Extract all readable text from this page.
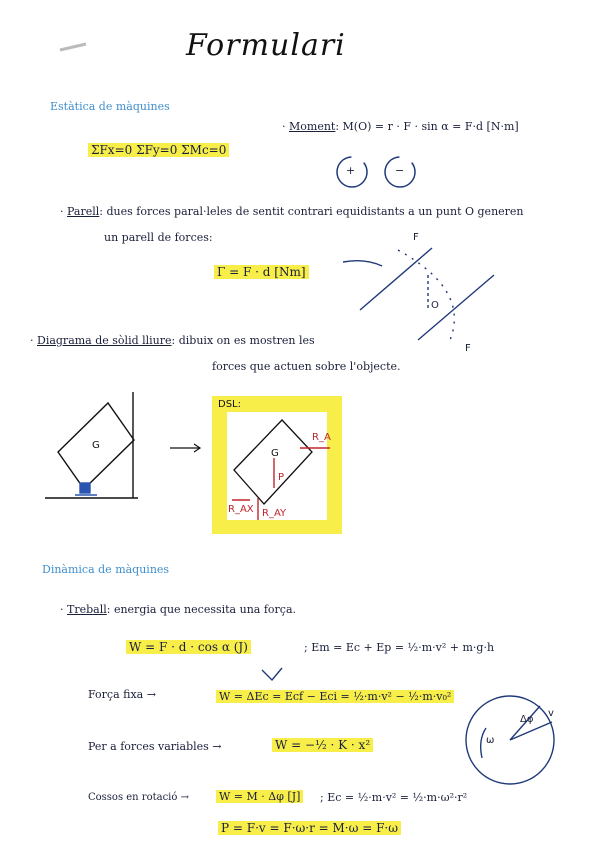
Formulari
Estàtica de màquines
· Moment: M(O) = r · F · sin α = F·d [N·m]
ΣFx=0 ΣFy=0 ΣMc=0
+	−
· Parell: dues forces paral·leles de sentit contrari equidistants a un punt O generen
un parell de forces:
Γ = F · d [Nm]
F
F
O
· Diagrama de sòlid lliure: dibuix on es mostren les
forces que actuen sobre l'objecte.
DSL:
G
G
R_A
R_AX R_AY
P
Dinàmica de màquines
· Treball: energia que necessita una força.
W = F · d · cos α (J)	; Em = Ec + Ep = ½·m·v² + m·g·h
Força fixa →	W = ΔEc = Ecf − Eci = ½·m·v² − ½·m·v₀²
Per a forces variables →	W = −½ · K · x²	ω
Δφ
v
Cossos en rotació →	W = M · Δφ [J] ; Ec = ½·m·v² = ½·m·ω²·r²
P = F·v = F·ω·r = M·ω = F·ω
